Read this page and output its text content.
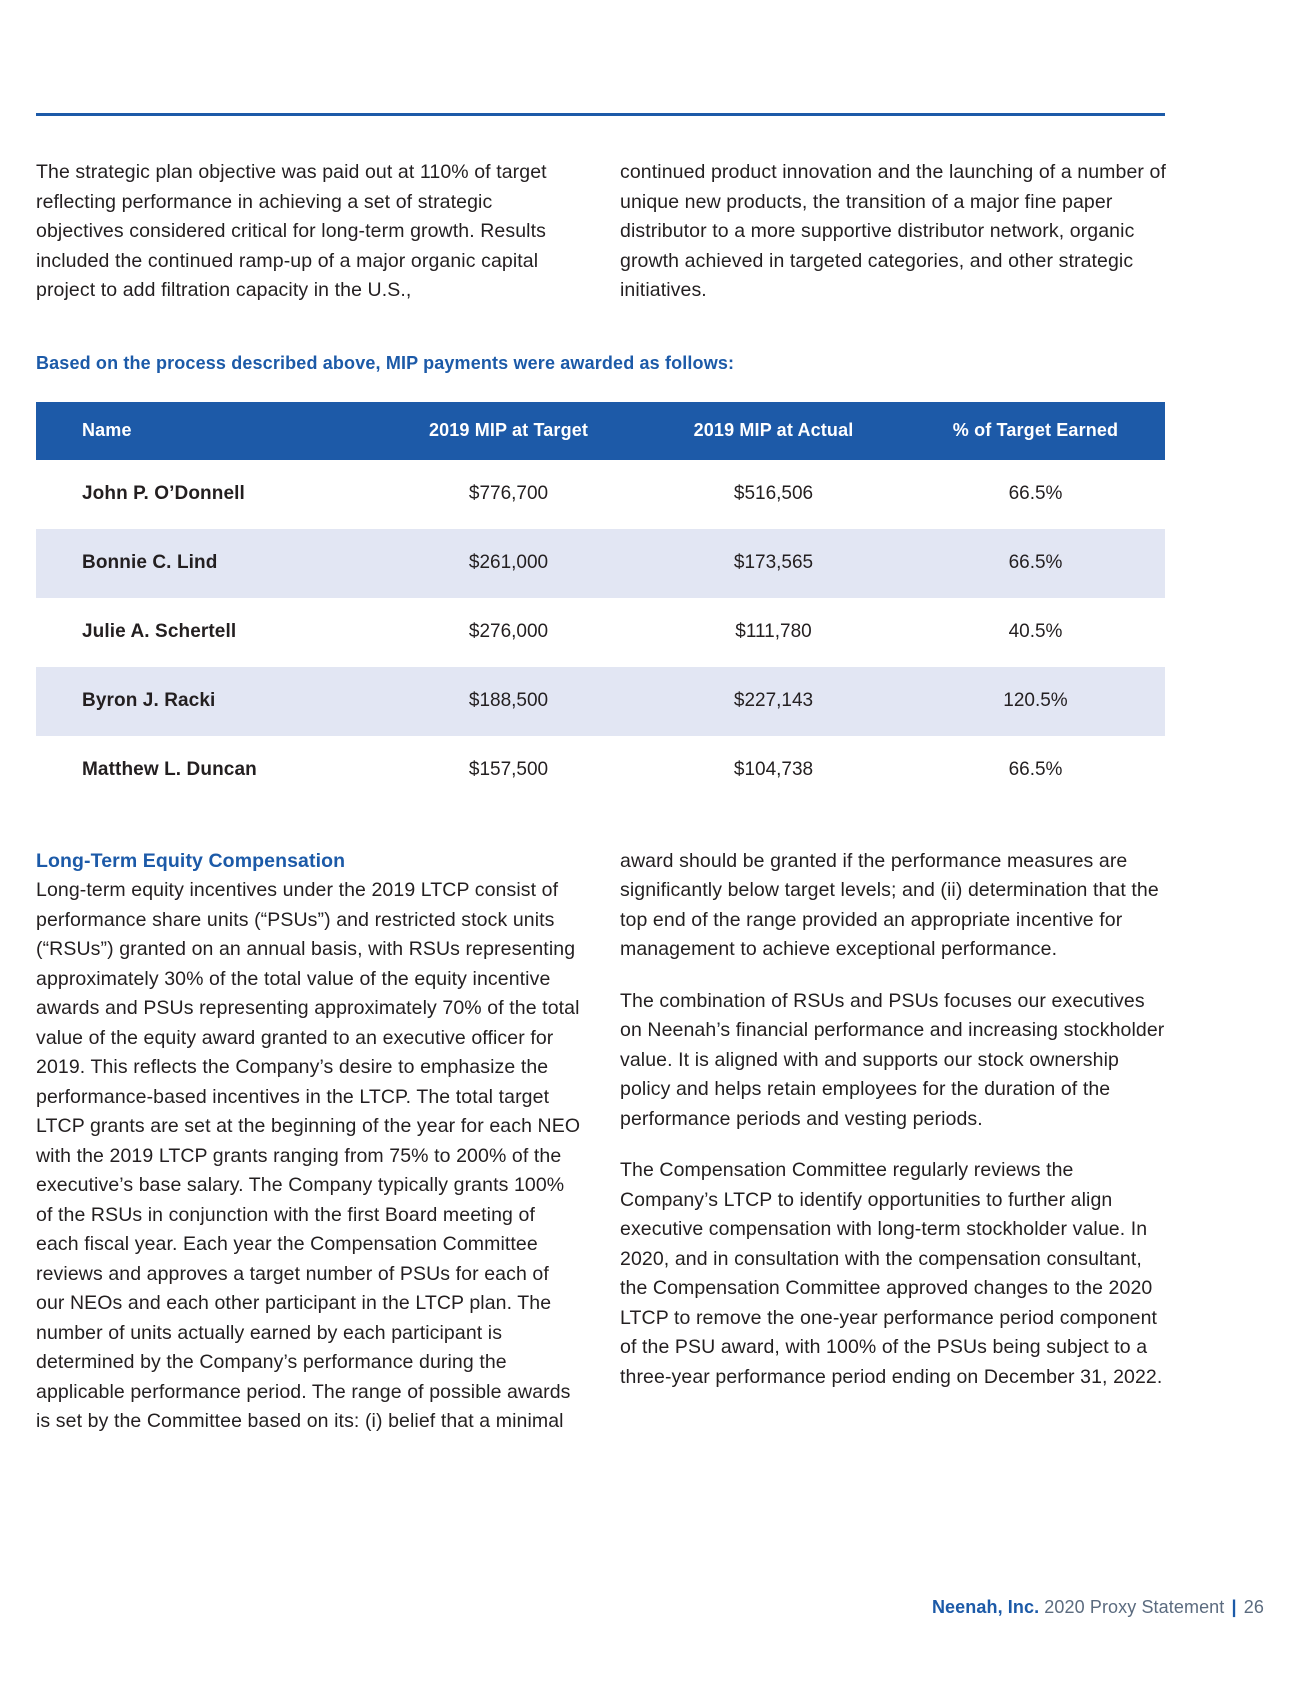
The strategic plan objective was paid out at 110% of target reflecting performance in achieving a set of strategic objectives considered critical for long-term growth. Results included the continued ramp-up of a major organic capital project to add filtration capacity in the U.S.,

continued product innovation and the launching of a number of unique new products, the transition of a major fine paper distributor to a more supportive distributor network, organic growth achieved in targeted categories, and other strategic initiatives.

Based on the process described above, MIP payments were awarded as follows:
Name	2019 MIP at Target	2019 MIP at Actual	% of Target Earned
John P. O’Donnell	$776,700	$516,506	66.5%
Bonnie C. Lind	$261,000	$173,565	66.5%
Julie A. Schertell	$276,000	$111,780	40.5%
Byron J. Racki	$188,500	$227,143	120.5%
Matthew L. Duncan	$157,500	$104,738	66.5%
Long-Term Equity Compensation

Long-term equity incentives under the 2019 LTCP consist of performance share units (“PSUs”) and restricted stock units (“RSUs”) granted on an annual basis, with RSUs representing approximately 30% of the total value of the equity incentive awards and PSUs representing approximately 70% of the total value of the equity award granted to an executive officer for 2019. This reflects the Company’s desire to emphasize the performance-based incentives in the LTCP. The total target LTCP grants are set at the beginning of the year for each NEO with the 2019 LTCP grants ranging from 75% to 200% of the executive’s base salary. The Company typically grants 100% of the RSUs in conjunction with the first Board meeting of each fiscal year. Each year the Compensation Committee reviews and approves a target number of PSUs for each of our NEOs and each other participant in the LTCP plan. The number of units actually earned by each participant is determined by the Company’s performance during the applicable performance period. The range of possible awards is set by the Committee based on its: (i) belief that a minimal

award should be granted if the performance measures are significantly below target levels; and (ii) determination that the top end of the range provided an appropriate incentive for management to achieve exceptional performance.

The combination of RSUs and PSUs focuses our executives on Neenah’s financial performance and increasing stockholder value. It is aligned with and supports our stock ownership policy and helps retain employees for the duration of the performance periods and vesting periods.

The Compensation Committee regularly reviews the Company’s LTCP to identify opportunities to further align executive compensation with long-term stockholder value. In 2020, and in consultation with the compensation consultant, the Compensation Committee approved changes to the 2020 LTCP to remove the one-year performance period component of the PSU award, with 100% of the PSUs being subject to a three-year performance period ending on December 31, 2022.

Neenah, Inc. 2020 Proxy Statement | 26
